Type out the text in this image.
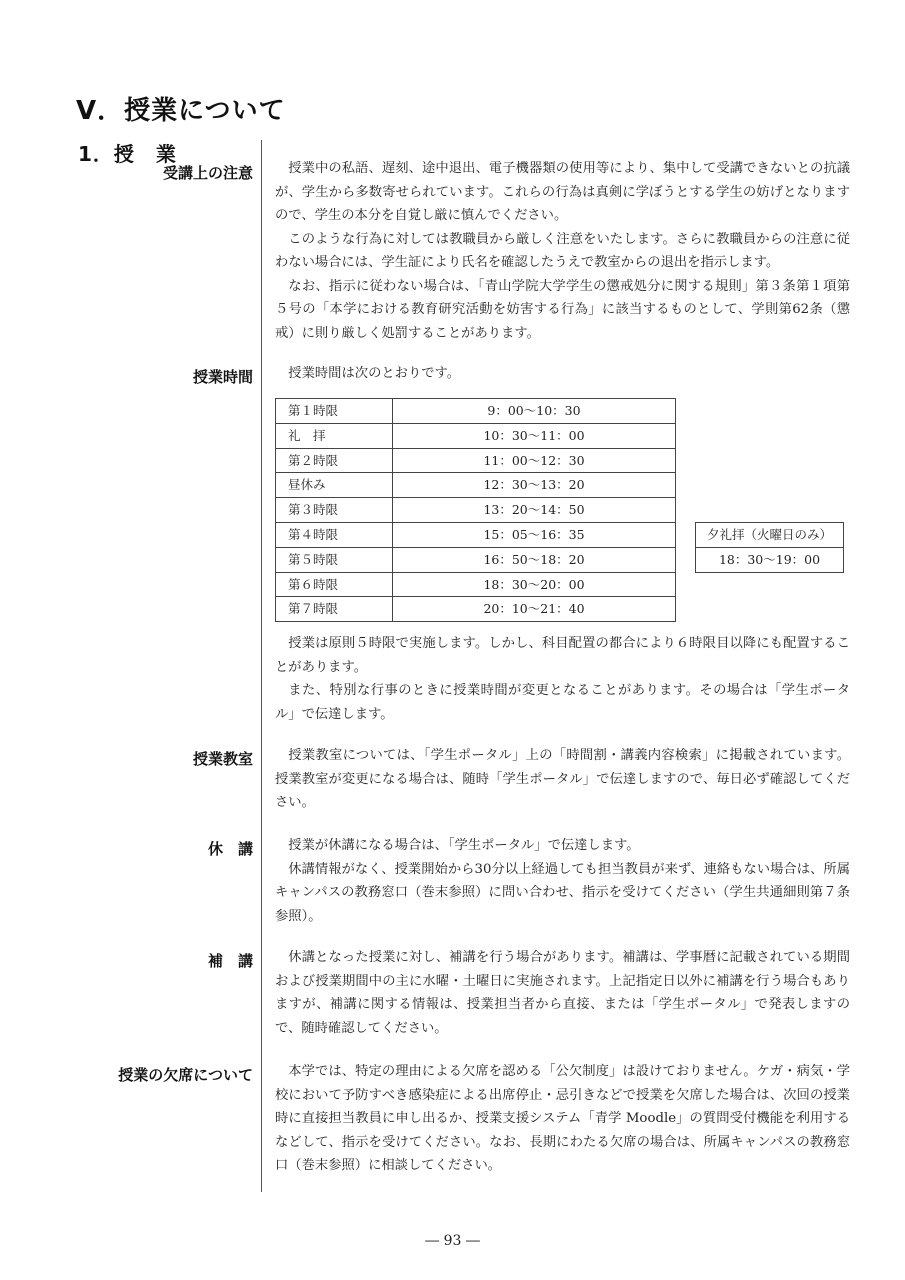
Ⅴ．授業について
1．授　業
受講上の注意	授業中の私語、遅刻、途中退出、電子機器類の使用等により、集中して受講できないとの抗議が、学生から多数寄せられています。これらの行為は真剣に学ぼうとする学生の妨げとなりますので、学生の本分を自覚し厳に慎んでください。

このような行為に対しては教職員から厳しく注意をいたします。さらに教職員からの注意に従わない場合には、学生証により氏名を確認したうえで教室からの退出を指示します。

なお、指示に従わない場合は、「青山学院大学学生の懲戒処分に関する規則」第３条第１項第５号の「本学における教育研究活動を妨害する行為」に該当するものとして、学則第62条（懲戒）に則り厳しく処罰することがあります。

授業時間	授業時間は次のとおりです。

第１時限	9：00〜10：30
礼　拝	10：30〜11：00
第２時限	11：00〜12：30
昼休み	12：30〜13：20
第３時限	13：20〜14：50
第４時限	15：05〜16：35
第５時限	16：50〜18：20
第６時限	18：30〜20：00
第７時限	20：10〜21：40
夕礼拝（火曜日のみ）
18：30〜19：00

授業は原則５時限で実施します。しかし、科目配置の都合により６時限目以降にも配置することがあります。

また、特別な行事のときに授業時間が変更となることがあります。その場合は「学生ポータル」で伝達します。

授業教室	授業教室については、「学生ポータル」上の「時間割・講義内容検索」に掲載されています。授業教室が変更になる場合は、随時「学生ポータル」で伝達しますので、毎日必ず確認してください。

休　講	授業が休講になる場合は、「学生ポータル」で伝達します。

休講情報がなく、授業開始から30分以上経過しても担当教員が来ず、連絡もない場合は、所属キャンパスの教務窓口（巻末参照）に問い合わせ、指示を受けてください（学生共通細則第７条参照）。

補　講	休講となった授業に対し、補講を行う場合があります。補講は、学事暦に記載されている期間および授業期間中の主に水曜・土曜日に実施されます。上記指定日以外に補講を行う場合もありますが、補講に関する情報は、授業担当者から直接、または「学生ポータル」で発表しますので、随時確認してください。

授業の欠席について	本学では、特定の理由による欠席を認める「公欠制度」は設けておりません。ケガ・病気・学校において予防すべき感染症による出席停止・忌引きなどで授業を欠席した場合は、次回の授業時に直接担当教員に申し出るか、授業支援システム「青学 Moodle」の質問受付機能を利用するなどして、指示を受けてください。なお、長期にわたる欠席の場合は、所属キャンパスの教務窓口（巻末参照）に相談してください。

― 93 ―
